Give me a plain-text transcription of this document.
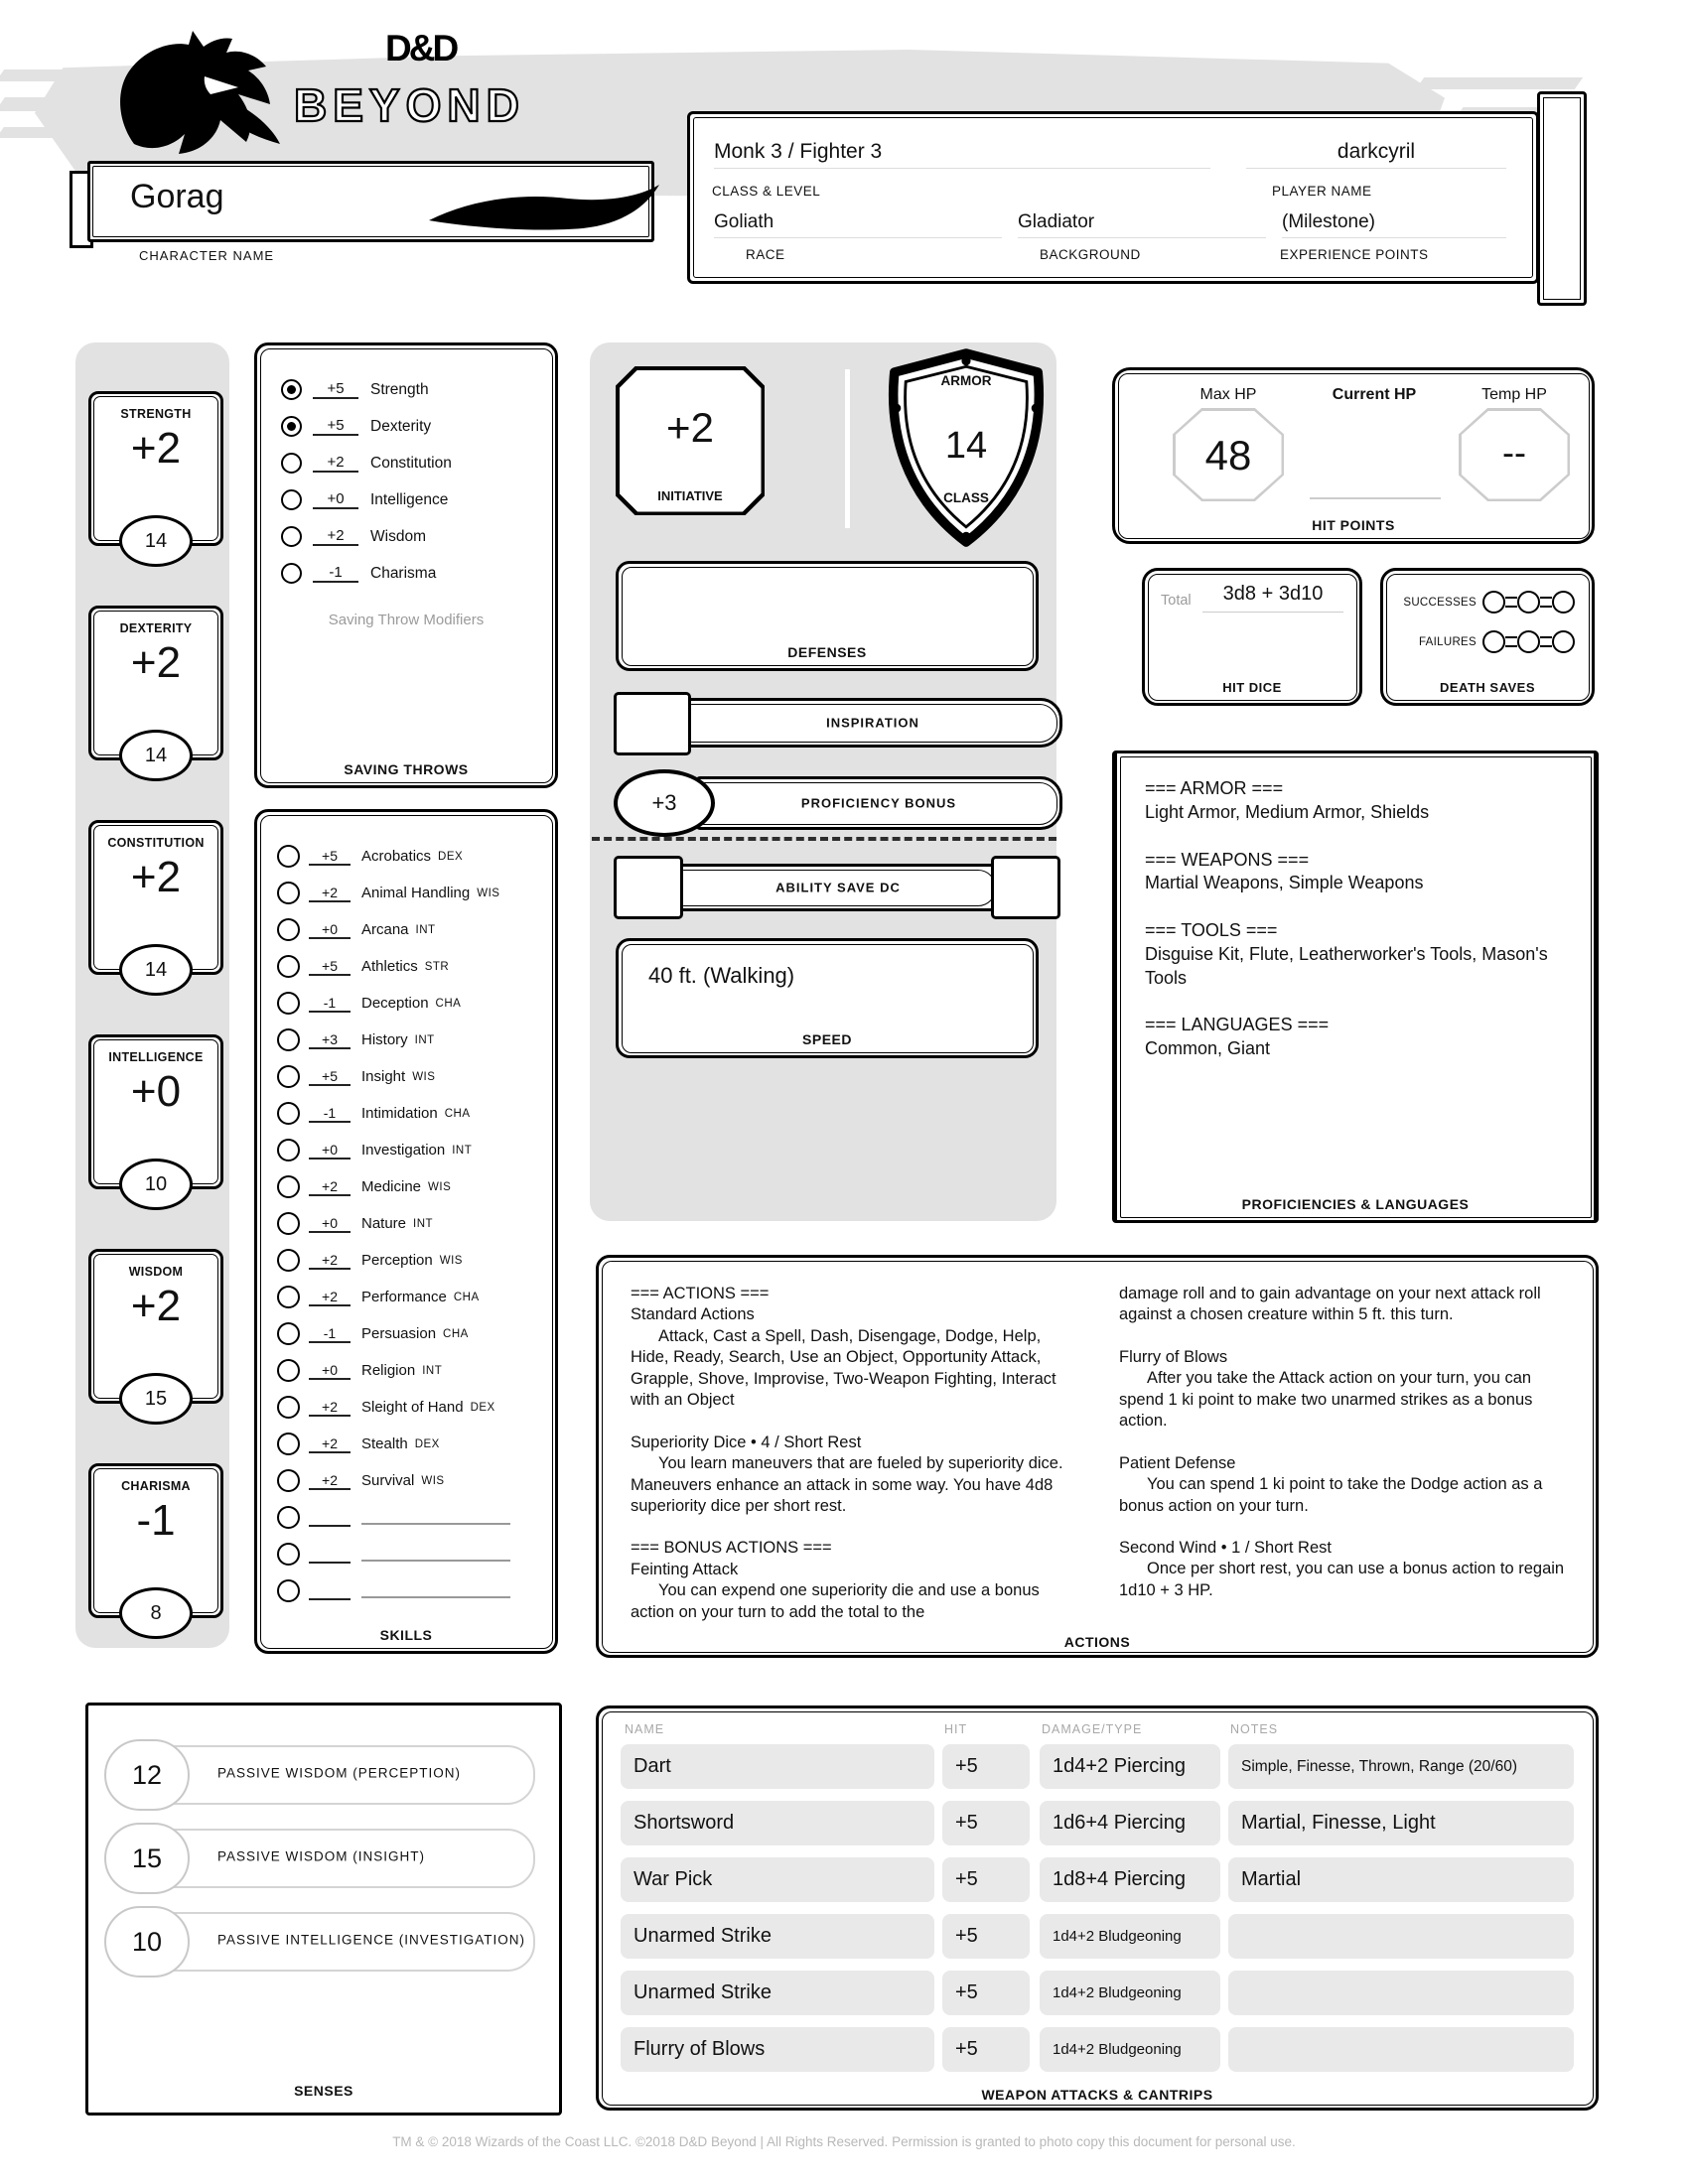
D&D
BEYOND
Gorag
CHARACTER NAME
Monk 3 / Fighter 3
CLASS & LEVEL
darkcyril
PLAYER NAME
Goliath
RACE
Gladiator
BACKGROUND
(Milestone)
EXPERIENCE POINTS
STRENGTH
+2
14
DEXTERITY
+2
14
CONSTITUTION
+2
14
INTELLIGENCE
+0
10
WISDOM
+2
15
CHARISMA
-1
8
+5	Strength
+5	Dexterity
+2	Constitution
+0	Intelligence
+2	Wisdom
-1	Charisma
Saving Throw Modifiers
SAVING THROWS
+5	Acrobatics DEX
+2	Animal Handling WIS
+0	Arcana INT
+5	Athletics STR
-1	Deception CHA
+3	History INT
+5	Insight WIS
-1	Intimidation CHA
+0	Investigation INT
+2	Medicine WIS
+0	Nature INT
+2	Perception WIS
+2	Performance CHA
-1	Persuasion CHA
+0	Religion INT
+2	Sleight of Hand DEX
+2	Stealth DEX
+2	Survival WIS
SKILLS
+2
INITIATIVE
ARMOR
14
CLASS
DEFENSES
INSPIRATION
+3	PROFICIENCY BONUS
ABILITY SAVE DC
40 ft. (Walking)
SPEED
Max HP	Current HP	Temp HP
48	--
HIT POINTS
Total	3d8 + 3d10
HIT DICE
SUCCESSES
FAILURES
DEATH SAVES
=== ARMOR ===
Light Armor, Medium Armor, Shields
=== WEAPONS ===
Martial Weapons, Simple Weapons
=== TOOLS ===
Disguise Kit, Flute, Leatherworker's Tools, Mason's Tools
=== LANGUAGES ===
Common, Giant
PROFICIENCIES & LANGUAGES
=== ACTIONS ===
Standard Actions
Attack, Cast a Spell, Dash, Disengage, Dodge, Help, Hide, Ready, Search, Use an Object, Opportunity Attack, Grapple, Shove, Improvise, Two-Weapon Fighting, Interact with an Object
Superiority Dice • 4 / Short Rest
You learn maneuvers that are fueled by superiority dice. Maneuvers enhance an attack in some way. You have 4d8 superiority dice per short rest.
=== BONUS ACTIONS ===
Feinting Attack
You can expend one superiority die and use a bonus action on your turn to add the total to the
damage roll and to gain advantage on your next attack roll against a chosen creature within 5 ft. this turn.
Flurry of Blows
After you take the Attack action on your turn, you can spend 1 ki point to make two unarmed strikes as a bonus action.
Patient Defense
You can spend 1 ki point to take the Dodge action as a bonus action on your turn.
Second Wind • 1 / Short Rest
Once per short rest, you can use a bonus action to regain 1d10 + 3 HP.
ACTIONS
12	PASSIVE WISDOM (PERCEPTION)
15	PASSIVE WISDOM (INSIGHT)
10	PASSIVE INTELLIGENCE (INVESTIGATION)
SENSES
NAME	HIT	DAMAGE/TYPE	NOTES
Dart	+5	1d4+2 Piercing	Simple, Finesse, Thrown, Range (20/60)
Shortsword	+5	1d6+4 Piercing	Martial, Finesse, Light
War Pick	+5	1d8+4 Piercing	Martial
Unarmed Strike	+5	1d4+2 Bludgeoning
Unarmed Strike	+5	1d4+2 Bludgeoning
Flurry of Blows	+5	1d4+2 Bludgeoning
WEAPON ATTACKS & CANTRIPS
TM & © 2018 Wizards of the Coast LLC. ©2018 D&D Beyond | All Rights Reserved. Permission is granted to photo copy this document for personal use.
